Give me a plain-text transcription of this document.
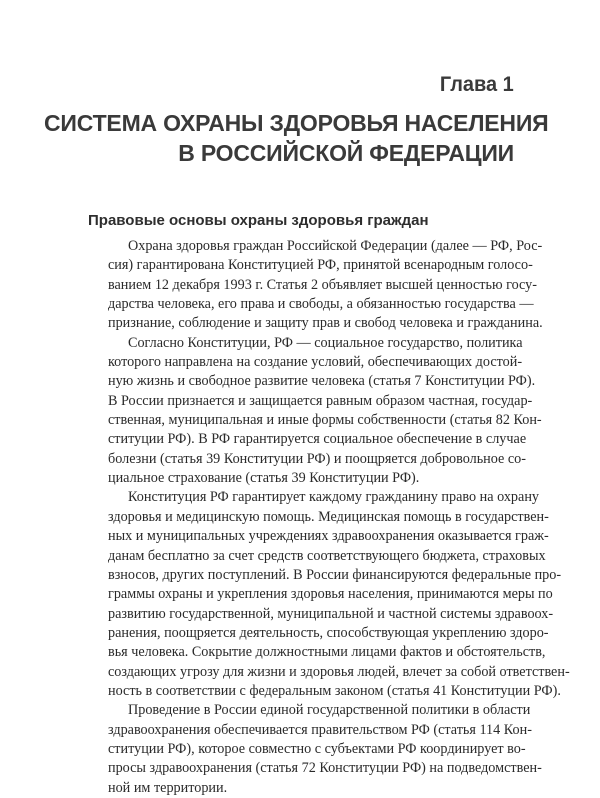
Глава 1
СИСТЕМА ОХРАНЫ ЗДОРОВЬЯ НАСЕЛЕНИЯ
В РОССИЙСКОЙ ФЕДЕРАЦИИ
Правовые основы охраны здоровья граждан
Охрана здоровья граждан Российской Федерации (далее — РФ, Рос-
сия) гарантирована Конституцией РФ, принятой всенародным голосо-
ванием 12 декабря 1993 г. Статья 2 объявляет высшей ценностью госу-
дарства человека, его права и свободы, а обязанностью государства —
признание, соблюдение и защиту прав и свобод человека и гражданина.
Согласно Конституции, РФ — социальное государство, политика
которого направлена на создание условий, обеспечивающих достой-
ную жизнь и свободное развитие человека (статья 7 Конституции РФ).
В России признается и защищается равным образом частная, государ-
ственная, муниципальная и иные формы собственности (статья 82 Кон-
ституции РФ). В РФ гарантируется социальное обеспечение в случае
болезни (статья 39 Конституции РФ) и поощряется добровольное со-
циальное страхование (статья 39 Конституции РФ).
Конституция РФ гарантирует каждому гражданину право на охрану
здоровья и медицинскую помощь. Медицинская помощь в государствен-
ных и муниципальных учреждениях здравоохранения оказывается граж-
данам бесплатно за счет средств соответствующего бюджета, страховых
взносов, других поступлений. В России финансируются федеральные про-
граммы охраны и укрепления здоровья населения, принимаются меры по
развитию государственной, муниципальной и частной системы здравоох-
ранения, поощряется деятельность, способствующая укреплению здоро-
вья человека. Сокрытие должностными лицами фактов и обстоятельств,
создающих угрозу для жизни и здоровья людей, влечет за собой ответствен-
ность в соответствии с федеральным законом (статья 41 Конституции РФ).
Проведение в России единой государственной политики в области
здравоохранения обеспечивается правительством РФ (статья 114 Кон-
ституции РФ), которое совместно с субъектами РФ координирует во-
просы здравоохранения (статья 72 Конституции РФ) на подведомствен-
ной им территории.
